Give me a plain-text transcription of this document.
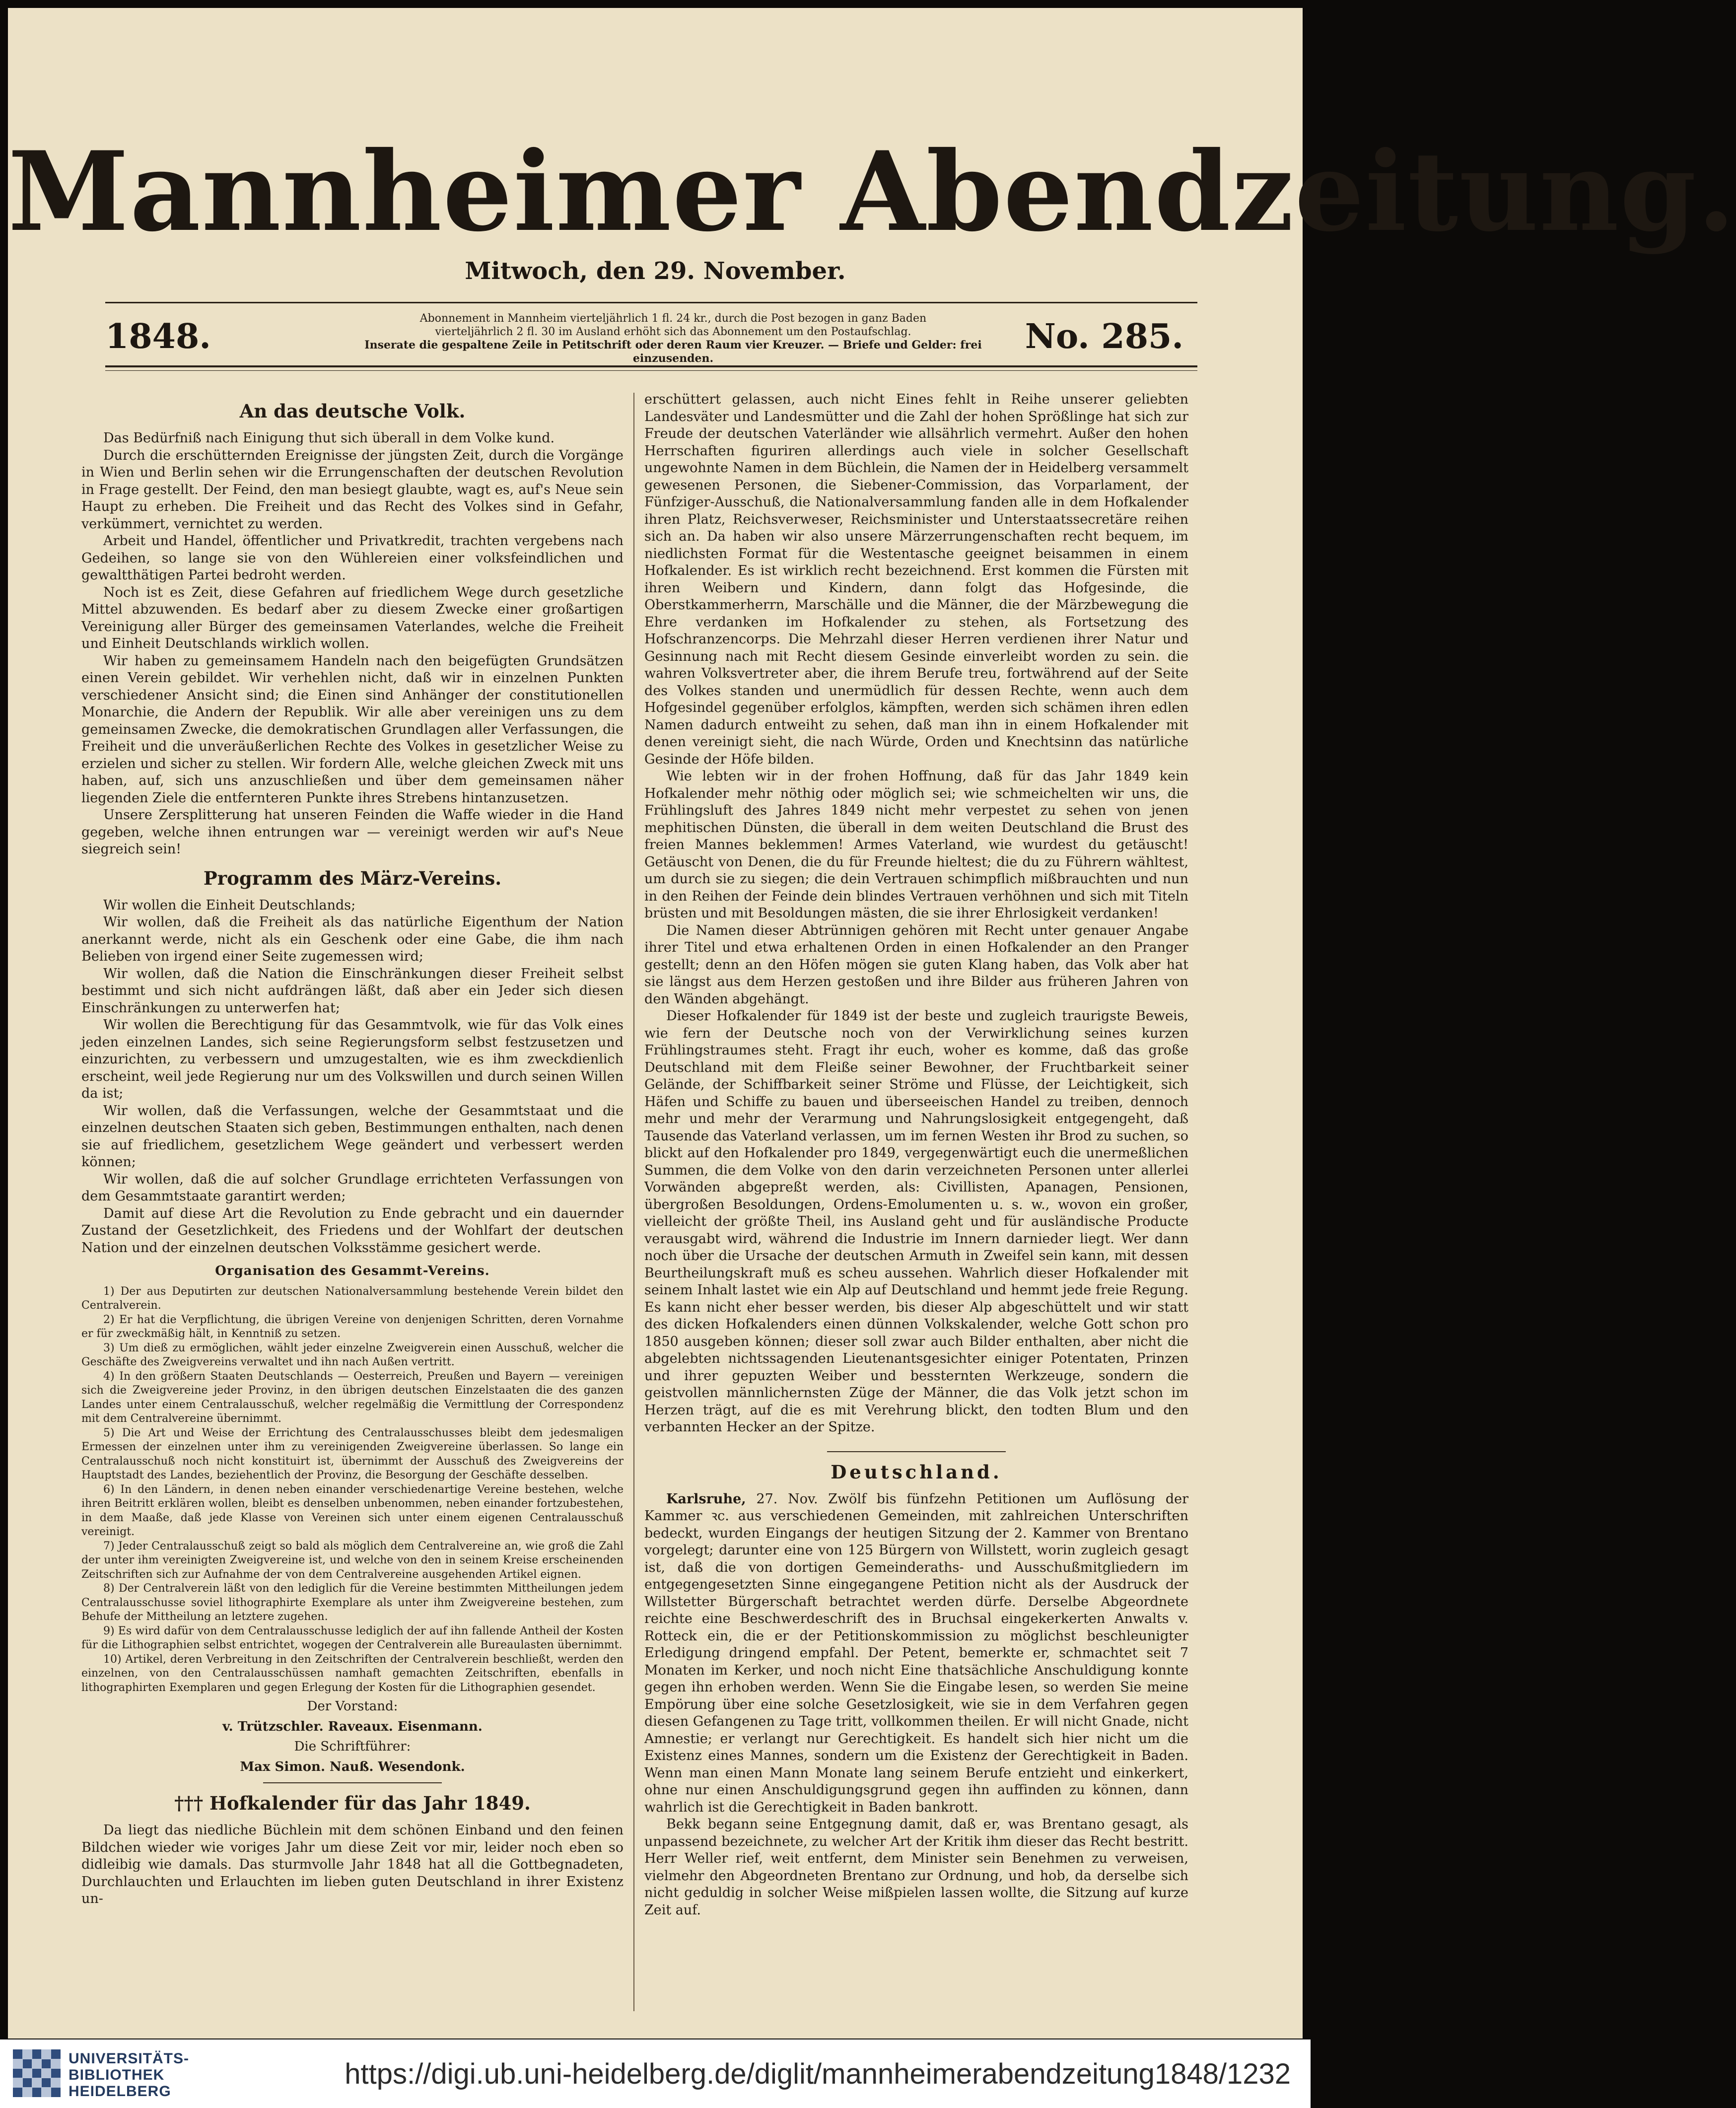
Mannheimer Abendzeitung.
Mitwoch, den 29. November.
1848.	Abonnement in Mannheim vierteljährlich 1 fl. 24 kr., durch die Post bezogen in ganz Baden
vierteljährlich 2 fl. 30 im Ausland erhöht sich das Abonnement um den Postaufschlag.
Inserate die gespaltene Zeile in Petitschrift oder deren Raum vier Kreuzer. — Briefe und Gelder: frei einzusenden.
No. 285.
An das deutsche Volk.

Das Bedürfniß nach Einigung thut sich überall in dem Volke kund.

Durch die erschütternden Ereignisse der jüngsten Zeit, durch die Vorgänge in Wien und Berlin sehen wir die Errungenschaften der deutschen Revolution in Frage gestellt. Der Feind, den man besiegt glaubte, wagt es, auf's Neue sein Haupt zu erheben. Die Freiheit und das Recht des Volkes sind in Gefahr, verkümmert, vernichtet zu werden.

Arbeit und Handel, öffentlicher und Privatkredit, trachten vergebens nach Gedeihen, so lange sie von den Wühlereien einer volksfeindlichen und gewaltthätigen Partei bedroht werden.

Noch ist es Zeit, diese Gefahren auf friedlichem Wege durch gesetzliche Mittel abzuwenden. Es bedarf aber zu diesem Zwecke einer großartigen Vereinigung aller Bürger des gemeinsamen Vaterlandes, welche die Freiheit und Einheit Deutschlands wirklich wollen.

Wir haben zu gemeinsamem Handeln nach den beigefügten Grundsätzen einen Verein gebildet. Wir verhehlen nicht, daß wir in einzelnen Punkten verschiedener Ansicht sind; die Einen sind Anhänger der constitutionellen Monarchie, die Andern der Republik. Wir alle aber vereinigen uns zu dem gemeinsamen Zwecke, die demokratischen Grundlagen aller Verfassungen, die Freiheit und die unveräußerlichen Rechte des Volkes in gesetzlicher Weise zu erzielen und sicher zu stellen. Wir fordern Alle, welche gleichen Zweck mit uns haben, auf, sich uns anzuschließen und über dem gemeinsamen näher liegenden Ziele die entfernteren Punkte ihres Strebens hintanzusetzen.

Unsere Zersplitterung hat unseren Feinden die Waffe wieder in die Hand gegeben, welche ihnen entrungen war — vereinigt werden wir auf's Neue siegreich sein!

Programm des März-Vereins.

Wir wollen die Einheit Deutschlands;

Wir wollen, daß die Freiheit als das natürliche Eigenthum der Nation anerkannt werde, nicht als ein Geschenk oder eine Gabe, die ihm nach Belieben von irgend einer Seite zugemessen wird;

Wir wollen, daß die Nation die Einschränkungen dieser Freiheit selbst bestimmt und sich nicht aufdrängen läßt, daß aber ein Jeder sich diesen Einschränkungen zu unterwerfen hat;

Wir wollen die Berechtigung für das Gesammtvolk, wie für das Volk eines jeden einzelnen Landes, sich seine Regierungsform selbst festzusetzen und einzurichten, zu verbessern und umzugestalten, wie es ihm zweckdienlich erscheint, weil jede Regierung nur um des Volkswillen und durch seinen Willen da ist;

Wir wollen, daß die Verfassungen, welche der Gesammtstaat und die einzelnen deutschen Staaten sich geben, Bestimmungen enthalten, nach denen sie auf friedlichem, gesetzlichem Wege geändert und verbessert werden können;

Wir wollen, daß die auf solcher Grundlage errichteten Verfassungen von dem Gesammtstaate garantirt werden;

Damit auf diese Art die Revolution zu Ende gebracht und ein dauernder Zustand der Gesetzlichkeit, des Friedens und der Wohlfart der deutschen Nation und der einzelnen deutschen Volksstämme gesichert werde.

Organisation des Gesammt-Vereins.

1) Der aus Deputirten zur deutschen Nationalversammlung bestehende Verein bildet den Centralverein.

2) Er hat die Verpflichtung, die übrigen Vereine von denjenigen Schritten, deren Vornahme er für zweckmäßig hält, in Kenntniß zu setzen.

3) Um dieß zu ermöglichen, wählt jeder einzelne Zweigverein einen Ausschuß, welcher die Geschäfte des Zweigvereins verwaltet und ihn nach Außen vertritt.

4) In den größern Staaten Deutschlands — Oesterreich, Preußen und Bayern — vereinigen sich die Zweigvereine jeder Provinz, in den übrigen deutschen Einzelstaaten die des ganzen Landes unter einem Centralausschuß, welcher regelmäßig die Vermittlung der Correspondenz mit dem Centralvereine übernimmt.

5) Die Art und Weise der Errichtung des Centralausschusses bleibt dem jedesmaligen Ermessen der einzelnen unter ihm zu vereinigenden Zweigvereine überlassen. So lange ein Centralausschuß noch nicht konstituirt ist, übernimmt der Ausschuß des Zweigvereins der Hauptstadt des Landes, beziehentlich der Provinz, die Besorgung der Geschäfte desselben.

6) In den Ländern, in denen neben einander verschiedenartige Vereine bestehen, welche ihren Beitritt erklären wollen, bleibt es denselben unbenommen, neben einander fortzubestehen, in dem Maaße, daß jede Klasse von Vereinen sich unter einem eigenen Centralausschuß vereinigt.

7) Jeder Centralausschuß zeigt so bald als möglich dem Centralvereine an, wie groß die Zahl der unter ihm vereinigten Zweigvereine ist, und welche von den in seinem Kreise erscheinenden Zeitschriften sich zur Aufnahme der von dem Centralvereine ausgehenden Artikel eignen.

8) Der Centralverein läßt von den lediglich für die Vereine bestimmten Mittheilungen jedem Centralausschusse soviel lithographirte Exemplare als unter ihm Zweigvereine bestehen, zum Behufe der Mittheilung an letztere zugehen.

9) Es wird dafür von dem Centralausschusse lediglich der auf ihn fallende Antheil der Kosten für die Lithographien selbst entrichtet, wogegen der Centralverein alle Bureaulasten übernimmt.

10) Artikel, deren Verbreitung in den Zeitschriften der Centralverein beschließt, werden den einzelnen, von den Centralausschüssen namhaft gemachten Zeitschriften, ebenfalls in lithographirten Exemplaren und gegen Erlegung der Kosten für die Lithographien gesendet.

Der Vorstand:
v. Trützschler. Raveaux. Eisenmann.
Die Schriftführer:
Max Simon. Nauß. Wesendonk.
††† Hofkalender für das Jahr 1849.

Da liegt das niedliche Büchlein mit dem schönen Einband und den feinen Bildchen wieder wie voriges Jahr um diese Zeit vor mir, leider noch eben so didleibig wie damals. Das sturmvolle Jahr 1848 hat all die Gottbegnadeten, Durchlauchten und Erlauchten im lieben guten Deutschland in ihrer Existenz un-

erschüttert gelassen, auch nicht Eines fehlt in Reihe unserer geliebten Landesväter und Landesmütter und die Zahl der hohen Sprößlinge hat sich zur Freude der deutschen Vaterländer wie allsährlich vermehrt. Außer den hohen Herrschaften figuriren allerdings auch viele in solcher Gesellschaft ungewohnte Namen in dem Büchlein, die Namen der in Heidelberg versammelt gewesenen Personen, die Siebener-Commission, das Vorparlament, der Fünfziger-Ausschuß, die Nationalversammlung fanden alle in dem Hofkalender ihren Platz, Reichsverweser, Reichsminister und Unterstaatssecretäre reihen sich an. Da haben wir also unsere Märzerrungenschaften recht bequem, im niedlichsten Format für die Westentasche geeignet beisammen in einem Hofkalender. Es ist wirklich recht bezeichnend. Erst kommen die Fürsten mit ihren Weibern und Kindern, dann folgt das Hofgesinde, die Oberstkammerherrn, Marschälle und die Männer, die der Märzbewegung die Ehre verdanken im Hofkalender zu stehen, als Fortsetzung des Hofschranzencorps. Die Mehrzahl dieser Herren verdienen ihrer Natur und Gesinnung nach mit Recht diesem Gesinde einverleibt worden zu sein. die wahren Volksvertreter aber, die ihrem Berufe treu, fortwährend auf der Seite des Volkes standen und unermüdlich für dessen Rechte, wenn auch dem Hofgesindel gegenüber erfolglos, kämpften, werden sich schämen ihren edlen Namen dadurch entweiht zu sehen, daß man ihn in einem Hofkalender mit denen vereinigt sieht, die nach Würde, Orden und Knechtsinn das natürliche Gesinde der Höfe bilden.

Wie lebten wir in der frohen Hoffnung, daß für das Jahr 1849 kein Hofkalender mehr nöthig oder möglich sei; wie schmeichelten wir uns, die Frühlingsluft des Jahres 1849 nicht mehr verpestet zu sehen von jenen mephitischen Dünsten, die überall in dem weiten Deutschland die Brust des freien Mannes beklemmen! Armes Vaterland, wie wurdest du getäuscht! Getäuscht von Denen, die du für Freunde hieltest; die du zu Führern wähltest, um durch sie zu siegen; die dein Vertrauen schimpflich mißbrauchten und nun in den Reihen der Feinde dein blindes Vertrauen verhöhnen und sich mit Titeln brüsten und mit Besoldungen mästen, die sie ihrer Ehrlosigkeit verdanken!

Die Namen dieser Abtrünnigen gehören mit Recht unter genauer Angabe ihrer Titel und etwa erhaltenen Orden in einen Hofkalender an den Pranger gestellt; denn an den Höfen mögen sie guten Klang haben, das Volk aber hat sie längst aus dem Herzen gestoßen und ihre Bilder aus früheren Jahren von den Wänden abgehängt.

Dieser Hofkalender für 1849 ist der beste und zugleich traurigste Beweis, wie fern der Deutsche noch von der Verwirklichung seines kurzen Frühlingstraumes steht. Fragt ihr euch, woher es komme, daß das große Deutschland mit dem Fleiße seiner Bewohner, der Fruchtbarkeit seiner Gelände, der Schiffbarkeit seiner Ströme und Flüsse, der Leichtigkeit, sich Häfen und Schiffe zu bauen und überseeischen Handel zu treiben, dennoch mehr und mehr der Verarmung und Nahrungslosigkeit entgegengeht, daß Tausende das Vaterland verlassen, um im fernen Westen ihr Brod zu suchen, so blickt auf den Hofkalender pro 1849, vergegenwärtigt euch die unermeßlichen Summen, die dem Volke von den darin verzeichneten Personen unter allerlei Vorwänden abgepreßt werden, als: Civillisten, Apanagen, Pensionen, übergroßen Besoldungen, Ordens-Emolumenten u. s. w., wovon ein großer, vielleicht der größte Theil, ins Ausland geht und für ausländische Producte verausgabt wird, während die Industrie im Innern darnieder liegt. Wer dann noch über die Ursache der deutschen Armuth in Zweifel sein kann, mit dessen Beurtheilungskraft muß es scheu aussehen. Wahrlich dieser Hofkalender mit seinem Inhalt lastet wie ein Alp auf Deutschland und hemmt jede freie Regung. Es kann nicht eher besser werden, bis dieser Alp abgeschüttelt und wir statt des dicken Hofkalenders einen dünnen Volkskalender, welche Gott schon pro 1850 ausgeben können; dieser soll zwar auch Bilder enthalten, aber nicht die abgelebten nichtssagenden Lieutenantsgesichter einiger Potentaten, Prinzen und ihrer gepuzten Weiber und bessternten Werkzeuge, sondern die geistvollen männlichernsten Züge der Männer, die das Volk jetzt schon im Herzen trägt, auf die es mit Verehrung blickt, den todten Blum und den verbannten Hecker an der Spitze.

Deutschland.

Karlsruhe, 27. Nov. Zwölf bis fünfzehn Petitionen um Auflösung der Kammer ꝛc. aus verschiedenen Gemeinden, mit zahlreichen Unterschriften bedeckt, wurden Eingangs der heutigen Sitzung der 2. Kammer von Brentano vorgelegt; darunter eine von 125 Bürgern von Willstett, worin zugleich gesagt ist, daß die von dortigen Gemeinderaths- und Ausschußmitgliedern im entgegengesetzten Sinne eingegangene Petition nicht als der Ausdruck der Willstetter Bürgerschaft betrachtet werden dürfe. Derselbe Abgeordnete reichte eine Beschwerdeschrift des in Bruchsal eingekerkerten Anwalts v. Rotteck ein, die er der Petitionskommission zu möglichst beschleunigter Erledigung dringend empfahl. Der Petent, bemerkte er, schmachtet seit 7 Monaten im Kerker, und noch nicht Eine thatsächliche Anschuldigung konnte gegen ihn erhoben werden. Wenn Sie die Eingabe lesen, so werden Sie meine Empörung über eine solche Gesetzlosigkeit, wie sie in dem Verfahren gegen diesen Gefangenen zu Tage tritt, vollkommen theilen. Er will nicht Gnade, nicht Amnestie; er verlangt nur Gerechtigkeit. Es handelt sich hier nicht um die Existenz eines Mannes, sondern um die Existenz der Gerechtigkeit in Baden. Wenn man einen Mann Monate lang seinem Berufe entzieht und einkerkert, ohne nur einen Anschuldigungsgrund gegen ihn auffinden zu können, dann wahrlich ist die Gerechtigkeit in Baden bankrott.

Bekk begann seine Entgegnung damit, daß er, was Brentano gesagt, als unpassend bezeichnete, zu welcher Art der Kritik ihm dieser das Recht bestritt. Herr Weller rief, weit entfernt, dem Minister sein Benehmen zu verweisen, vielmehr den Abgeordneten Brentano zur Ordnung, und hob, da derselbe sich nicht geduldig in solcher Weise mißpielen lassen wollte, die Sitzung auf kurze Zeit auf.

UNIVERSITÄTS-
BIBLIOTHEK
HEIDELBERG
https://digi.ub.uni-heidelberg.de/diglit/mannheimerabendzeitung1848/1232
